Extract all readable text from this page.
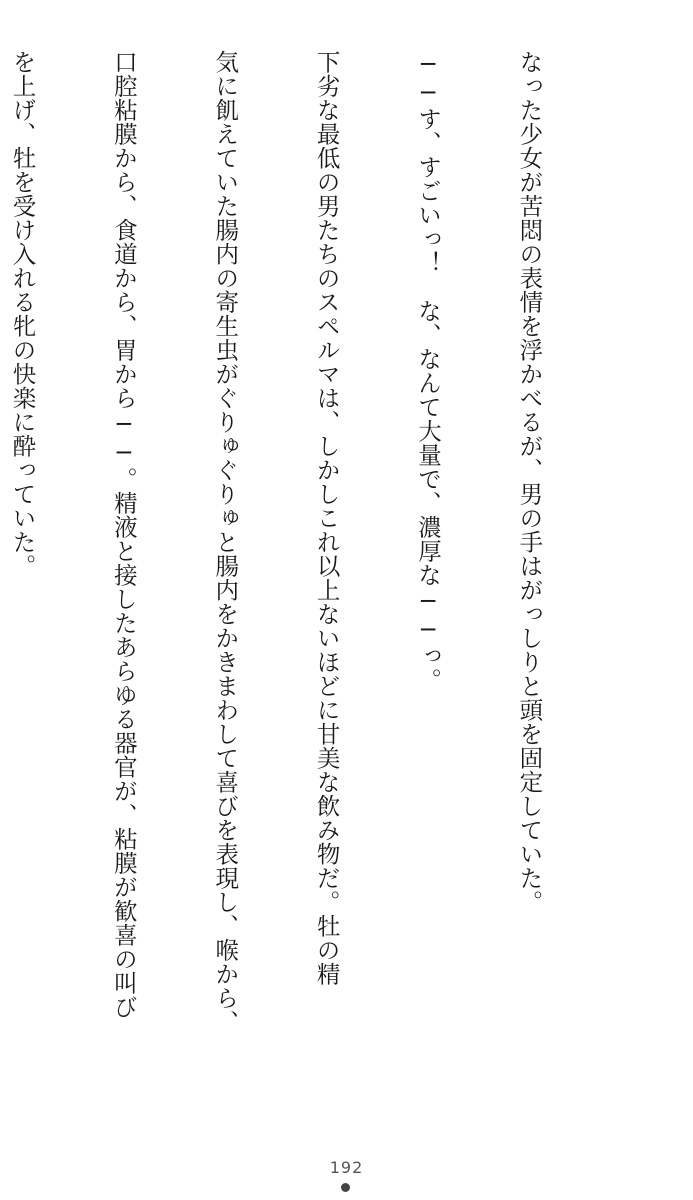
なった少女が苦悶の表情を浮かべるが、男の手はがっしりと頭を固定していた。

──す、すごいっ！　な、なんて大量で、濃厚な──っ。

下劣な最低の男たちのスペルマは、しかしこれ以上ないほどに甘美な飲み物だ。牡の精

気に飢えていた腸内の寄生虫がぐりゅぐりゅと腸内をかきまわして喜びを表現し、喉から、

口腔粘膜から、食道から、胃から──。精液と接したあらゆる器官が、粘膜が歓喜の叫び

を上げ、牡を受け入れる牝の快楽に酔っていた。

192
